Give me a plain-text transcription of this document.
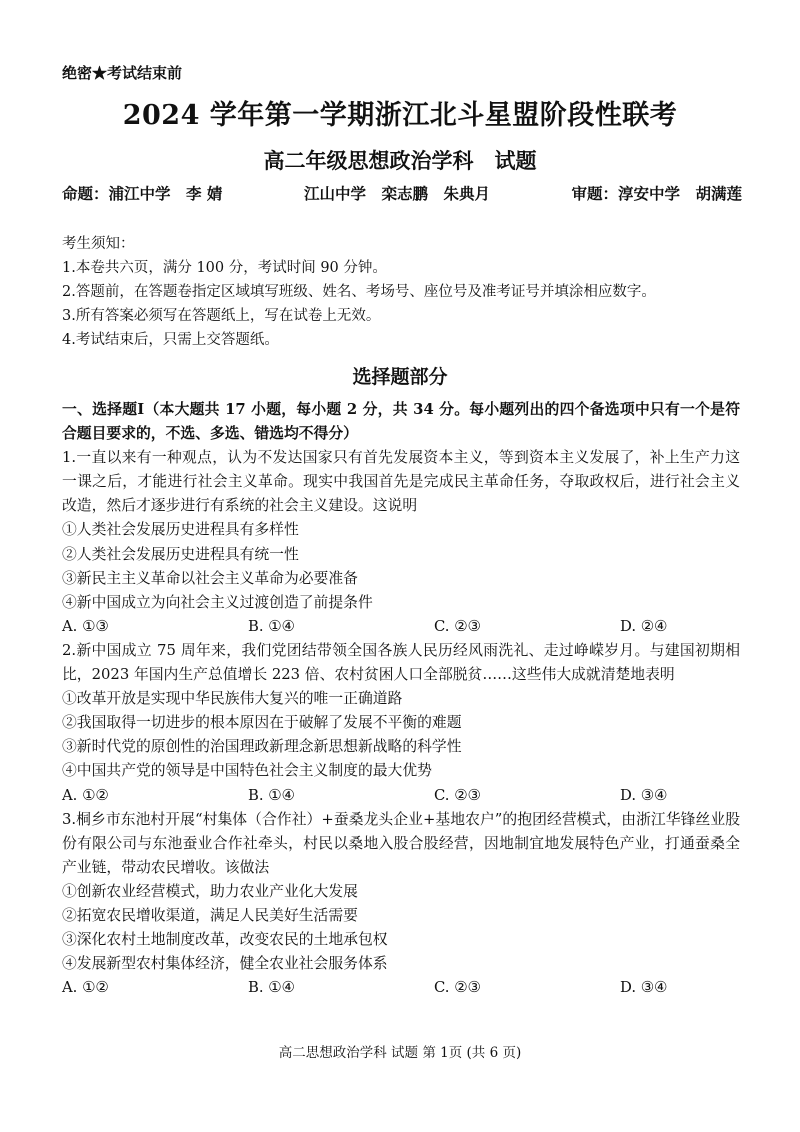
绝密★考试结束前
2024 学年第一学期浙江北斗星盟阶段性联考
高二年级思想政治学科　试题
命题：浦江中学　李 婧	江山中学　栾志鹏　朱典月	审题：淳安中学　胡满莲
考生须知：
1.本卷共六页，满分 100 分，考试时间 90 分钟。
2.答题前，在答题卷指定区域填写班级、姓名、考场号、座位号及准考证号并填涂相应数字。
3.所有答案必须写在答题纸上，写在试卷上无效。
4.考试结束后，只需上交答题纸。
选择题部分
一、选择题Ⅰ（本大题共 17 小题，每小题 2 分，共 34 分。每小题列出的四个备选项中只有一个是符合题目要求的，不选、多选、错选均不得分）
1.一直以来有一种观点，认为不发达国家只有首先发展资本主义，等到资本主义发展了，补上生产力这一课之后，才能进行社会主义革命。现实中我国首先是完成民主革命任务，夺取政权后，进行社会主义改造，然后才逐步进行有系统的社会主义建设。这说明
①人类社会发展历史进程具有多样性
②人类社会发展历史进程具有统一性
③新民主主义革命以社会主义革命为必要准备
④新中国成立为向社会主义过渡创造了前提条件
A. ①③	B. ①④	C. ②③	D. ②④
2.新中国成立 75 周年来，我们党团结带领全国各族人民历经风雨洗礼、走过峥嵘岁月。与建国初期相比，2023 年国内生产总值增长 223 倍、农村贫困人口全部脱贫……这些伟大成就清楚地表明
①改革开放是实现中华民族伟大复兴的唯一正确道路
②我国取得一切进步的根本原因在于破解了发展不平衡的难题
③新时代党的原创性的治国理政新理念新思想新战略的科学性
④中国共产党的领导是中国特色社会主义制度的最大优势
A. ①②	B. ①④	C. ②③	D. ③④
3.桐乡市东池村开展“村集体（合作社）+蚕桑龙头企业+基地农户”的抱团经营模式，由浙江华锋丝业股份有限公司与东池蚕业合作社牵头，村民以桑地入股合股经营，因地制宜地发展特色产业，打通蚕桑全产业链，带动农民增收。该做法
①创新农业经营模式，助力农业产业化大发展
②拓宽农民增收渠道，满足人民美好生活需要
③深化农村土地制度改革，改变农民的土地承包权
④发展新型农村集体经济，健全农业社会服务体系
A. ①②	B. ①④	C. ②③	D. ③④
高二思想政治学科 试题 第 1页 (共 6 页)
